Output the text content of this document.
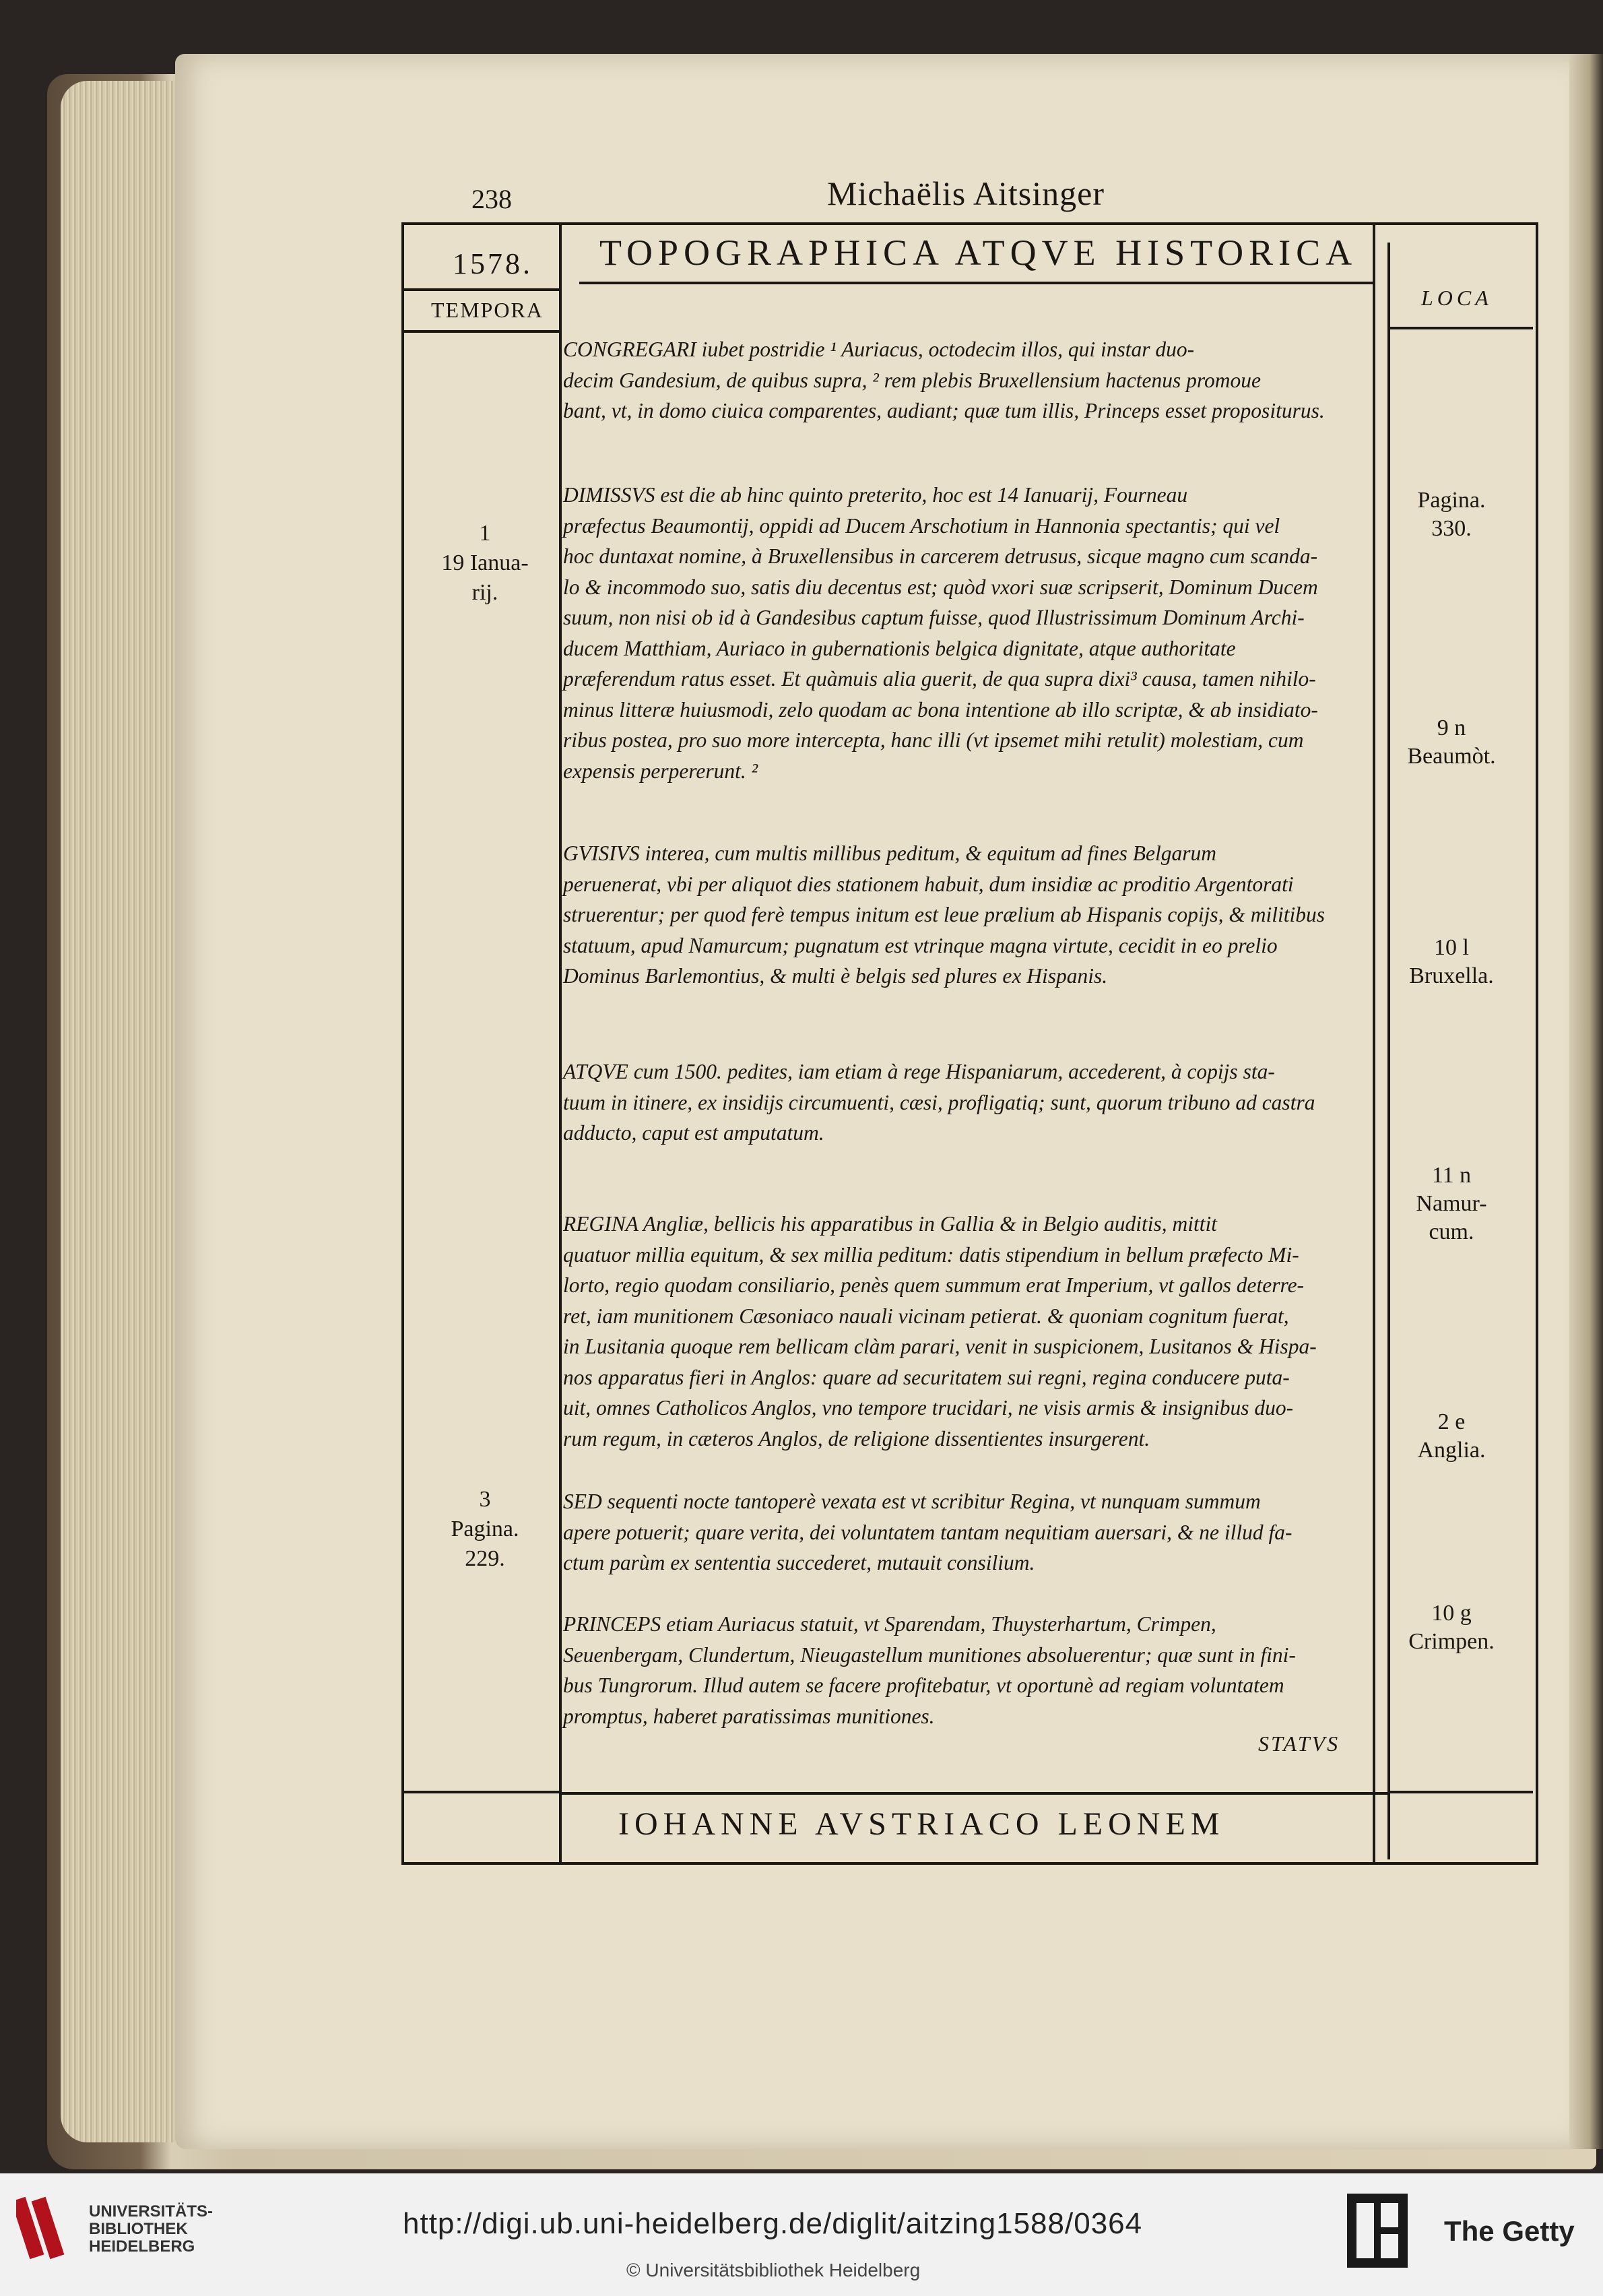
238	Michaëlis Aitsinger
1578.
TEMPORA	LOCA
TOPOGRAPHICA ATQVE HISTORICA
IOHANNE AVSTRIACO LEONEM
CONGREGARI iubet postridie ¹ Auriacus, octodecim illos, qui instar duo-
decim Gandesium, de quibus supra, ² rem plebis Bruxellensium hactenus promoue
bant, vt, in domo ciuica comparentes, audiant; quæ tum illis, Princeps esset propositurus.
DIMISSVS est die ab hinc quinto preterito, hoc est 14 Ianuarij, Fourneau
præfectus Beaumontij, oppidi ad Ducem Arschotium in Hannonia spectantis; qui vel
hoc duntaxat nomine, à Bruxellensibus in carcerem detrusus, sicque magno cum scanda-
lo & incommodo suo, satis diu decentus est; quòd vxori suæ scripserit, Dominum Ducem
suum, non nisi ob id à Gandesibus captum fuisse, quod Illustrissimum Dominum Archi-
ducem Matthiam, Auriaco in gubernationis belgica dignitate, atque authoritate
præferendum ratus esset. Et quàmuis alia guerit, de qua supra dixi³ causa, tamen nihilo-
minus litteræ huiusmodi, zelo quodam ac bona intentione ab illo scriptæ, & ab insidiato-
ribus postea, pro suo more intercepta, hanc illi (vt ipsemet mihi retulit) molestiam, cum
expensis perpererunt. ²
GVISIVS interea, cum multis millibus peditum, & equitum ad fines Belgarum
peruenerat, vbi per aliquot dies stationem habuit, dum insidiæ ac proditio Argentorati
struerentur; per quod ferè tempus initum est leue prælium ab Hispanis copijs, & militibus
statuum, apud Namurcum; pugnatum est vtrinque magna virtute, cecidit in eo prelio
Dominus Barlemontius, & multi è belgis sed plures ex Hispanis.
ATQVE cum 1500. pedites, iam etiam à rege Hispaniarum, accederent, à copijs sta-
tuum in itinere, ex insidijs circumuenti, cæsi, profligatiq; sunt, quorum tribuno ad castra
adducto, caput est amputatum.
REGINA Angliæ, bellicis his apparatibus in Gallia & in Belgio auditis, mittit
quatuor millia equitum, & sex millia peditum: datis stipendium in bellum præfecto Mi-
lorto, regio quodam consiliario, penès quem summum erat Imperium, vt gallos deterre-
ret, iam munitionem Cæsoniaco nauali vicinam petierat. & quoniam cognitum fuerat,
in Lusitania quoque rem bellicam clàm parari, venit in suspicionem, Lusitanos & Hispa-
nos apparatus fieri in Anglos: quare ad securitatem sui regni, regina conducere puta-
uit, omnes Catholicos Anglos, vno tempore trucidari, ne visis armis & insignibus duo-
rum regum, in cæteros Anglos, de religione dissentientes insurgerent.
SED sequenti nocte tantoperè vexata est vt scribitur Regina, vt nunquam summum
apere potuerit; quare verita, dei voluntatem tantam nequitiam auersari, & ne illud fa-
ctum parùm ex sententia succederet, mutauit consilium.
PRINCEPS etiam Auriacus statuit, vt Sparendam, Thuysterhartum, Crimpen,
Seuenbergam, Clundertum, Nieugastellum munitiones absoluerentur; quæ sunt in fini-
bus Tungrorum. Illud autem se facere profitebatur, vt oportunè ad regiam voluntatem
promptus, haberet paratissimas munitiones.
STATVS
1
19 Ianua-
rij.
3
Pagina.
229.
Pagina.
330.
9 n
Beaumòt.
10 l
Bruxella.
11 n
Namur-
cum.
2 e
Anglia.
10 g
Crimpen.
UNIVERSITÄTS-
BIBLIOTHEK
HEIDELBERG
http://digi.ub.uni-heidelberg.de/diglit/aitzing1588/0364
© Universitätsbibliothek Heidelberg
The Getty
